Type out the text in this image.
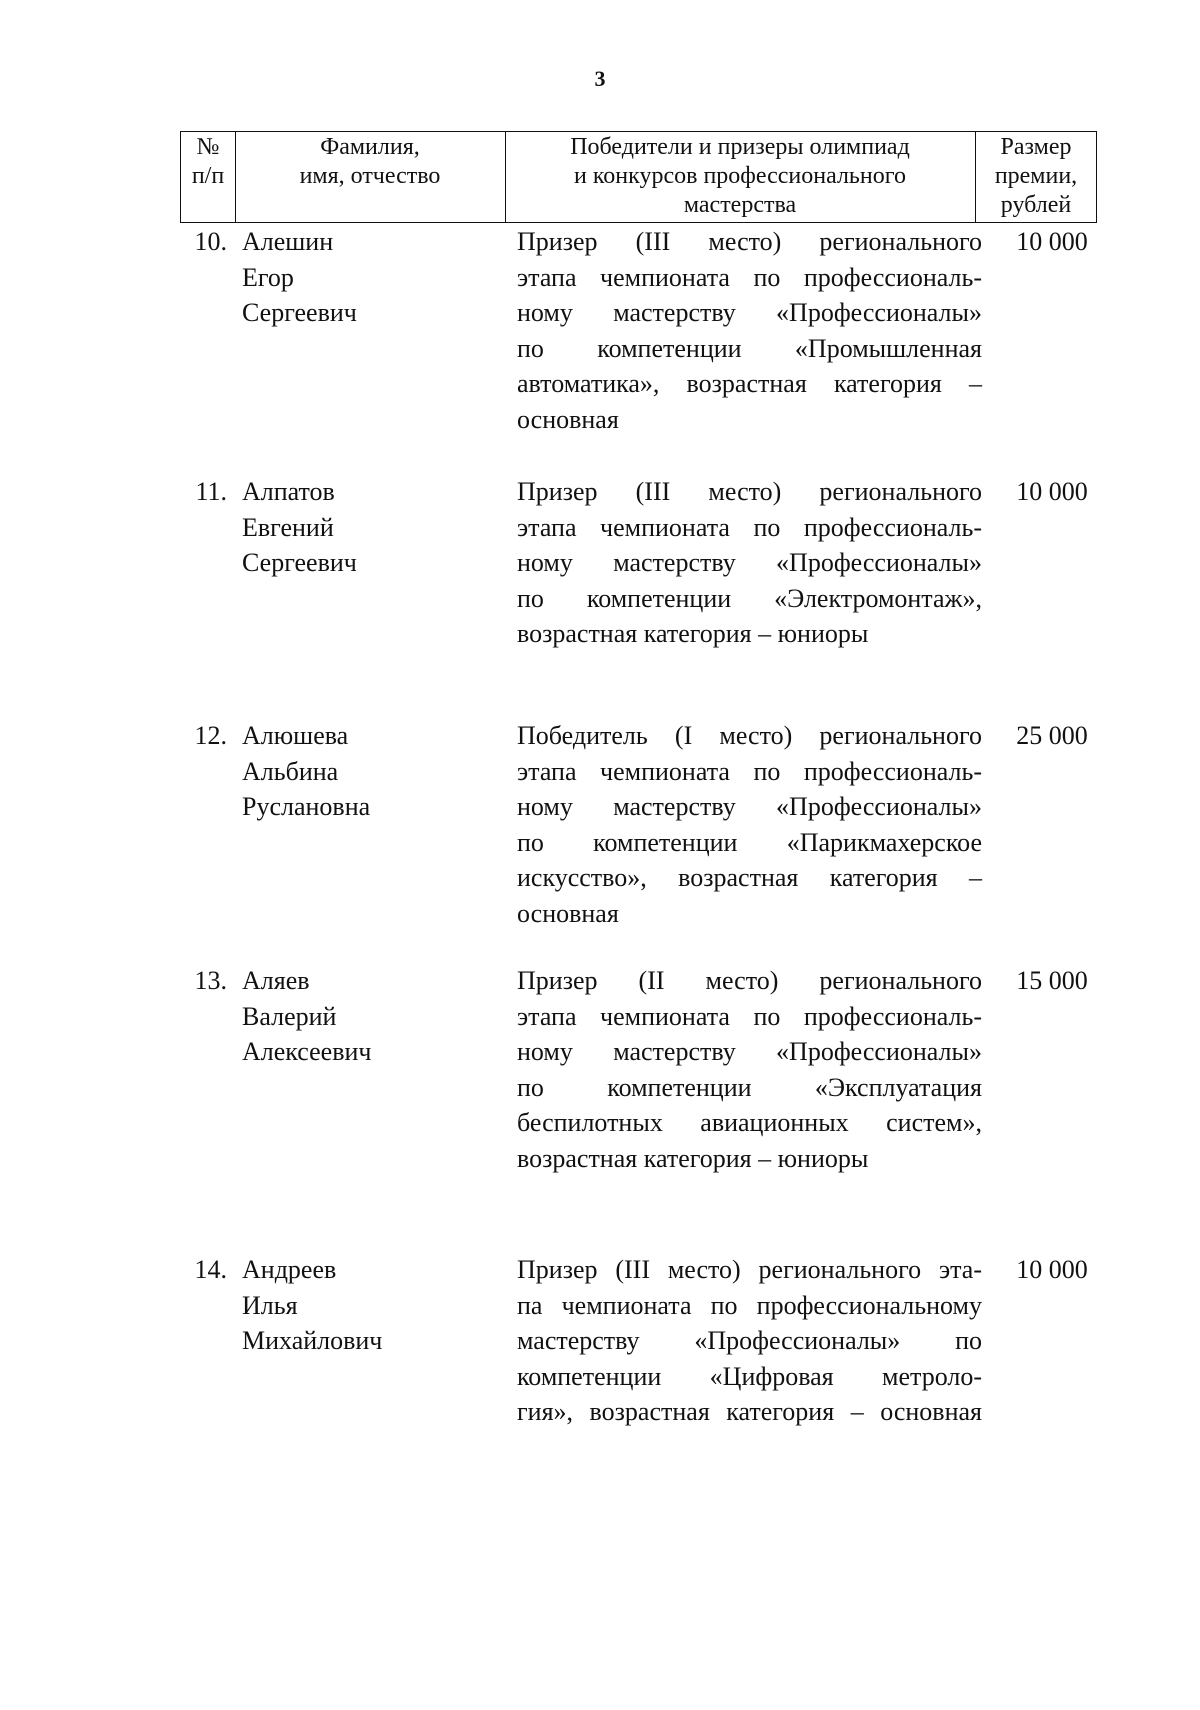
3
№
п/п
Фамилия,
имя, отчество
Победители и призеры олимпиад
и конкурсов профессионального
мастерства
Размер
премии,
рублей
10. Алешин
Егор
Сергеевич
Призер (III место) регионального
этапа чемпионата по профессиональ-
ному мастерству «Профессионалы»
по компетенции «Промышленная
автоматика», возрастная категория –
основная
10 000
11. Алпатов
Евгений
Сергеевич
Призер (III место) регионального
этапа чемпионата по профессиональ-
ному мастерству «Профессионалы»
по компетенции «Электромонтаж»,
возрастная категория – юниоры
10 000
12. Алюшева
Альбина
Руслановна
Победитель (I место) регионального
этапа чемпионата по профессиональ-
ному мастерству «Профессионалы»
по компетенции «Парикмахерское
искусство», возрастная категория –
основная
25 000
13. Аляев
Валерий
Алексеевич
Призер (II место) регионального
этапа чемпионата по профессиональ-
ному мастерству «Профессионалы»
по компетенции «Эксплуатация
беспилотных авиационных систем»,
возрастная категория – юниоры
15 000
14. Андреев
Илья
Михайлович
Призер (III место) регионального эта-
па чемпионата по профессиональному
мастерству «Профессионалы» по
компетенции «Цифровая метроло-
гия», возрастная категория – основная
10 000
